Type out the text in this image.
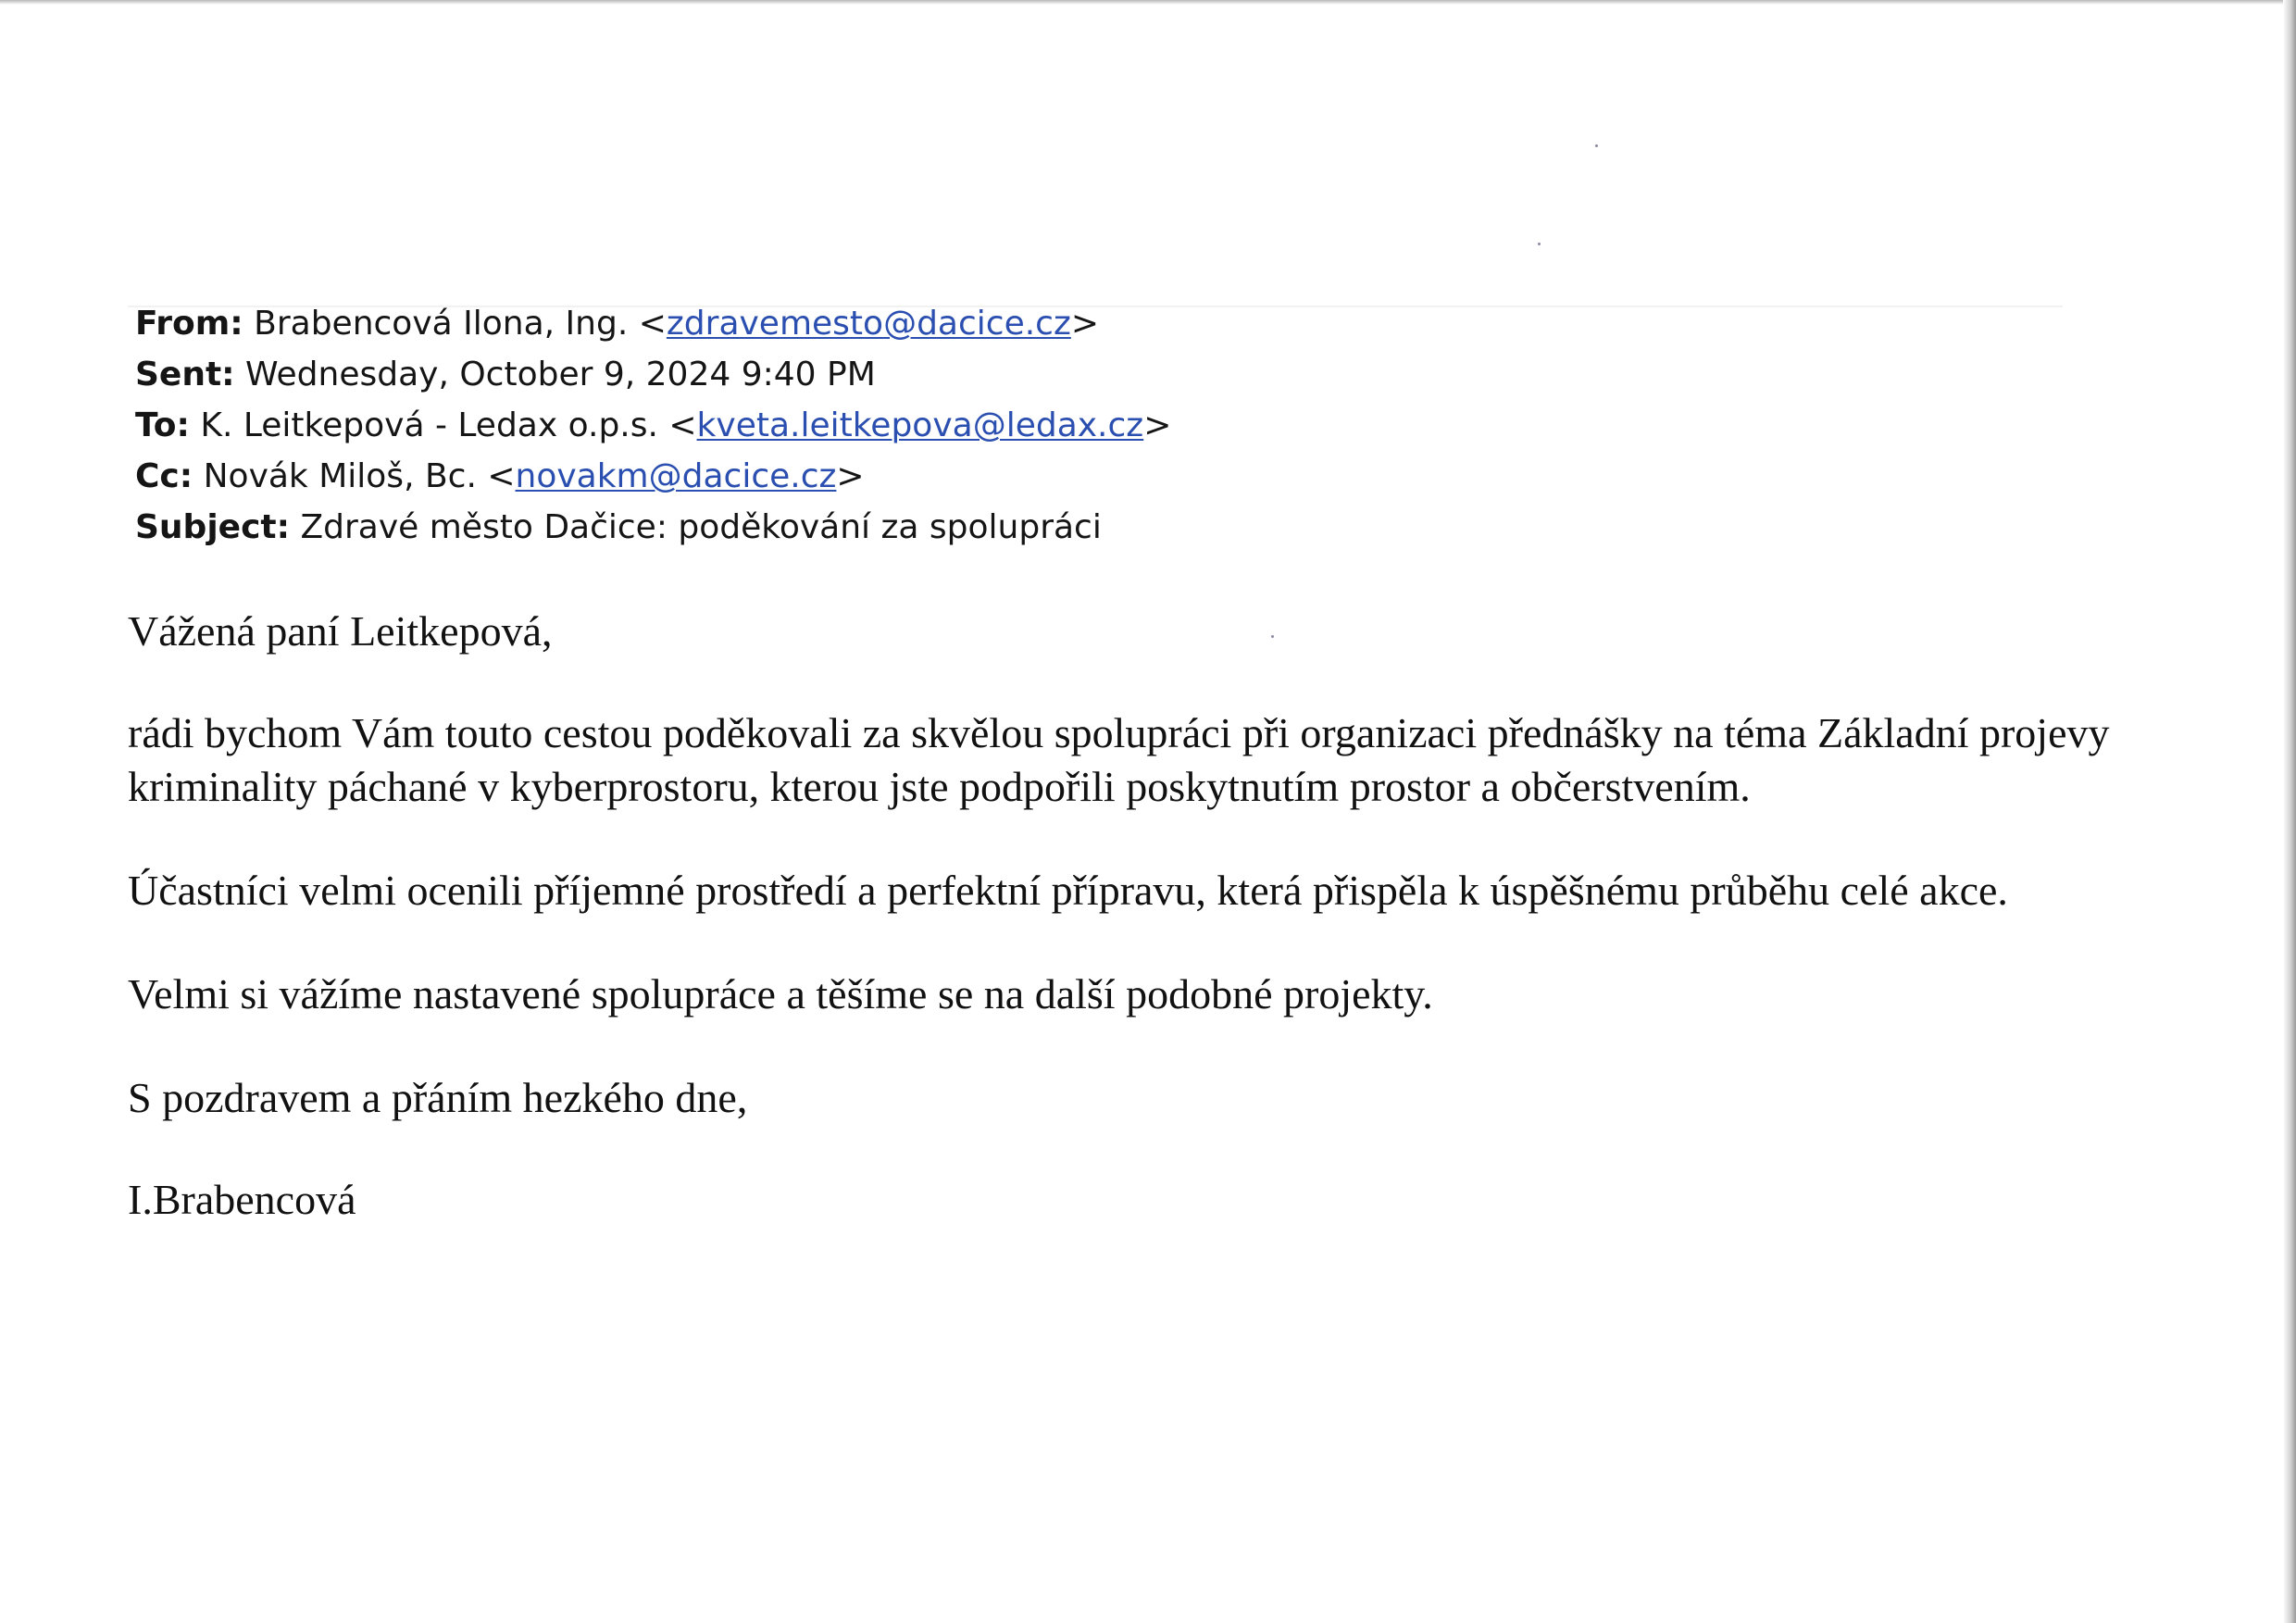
From: Brabencová Ilona, Ing. <zdravemesto@dacice.cz>
Sent: Wednesday, October 9, 2024 9:40 PM
To: K. Leitkepová - Ledax o.p.s. <kveta.leitkepova@ledax.cz>
Cc: Novák Miloš, Bc. <novakm@dacice.cz>
Subject: Zdravé město Dačice: poděkování za spolupráci

Vážená paní Leitkepová,

rádi bychom Vám touto cestou poděkovali za skvělou spolupráci při organizaci přednášky na téma Základní projevy kriminality páchané v kyberprostoru, kterou jste podpořili poskytnutím prostor a občerstvením.

Účastníci velmi ocenili příjemné prostředí a perfektní přípravu, která přispěla k úspěšnému průběhu celé akce.

Velmi si vážíme nastavené spolupráce a těšíme se na další podobné projekty.

S pozdravem a přáním hezkého dne,

I.Brabencová
